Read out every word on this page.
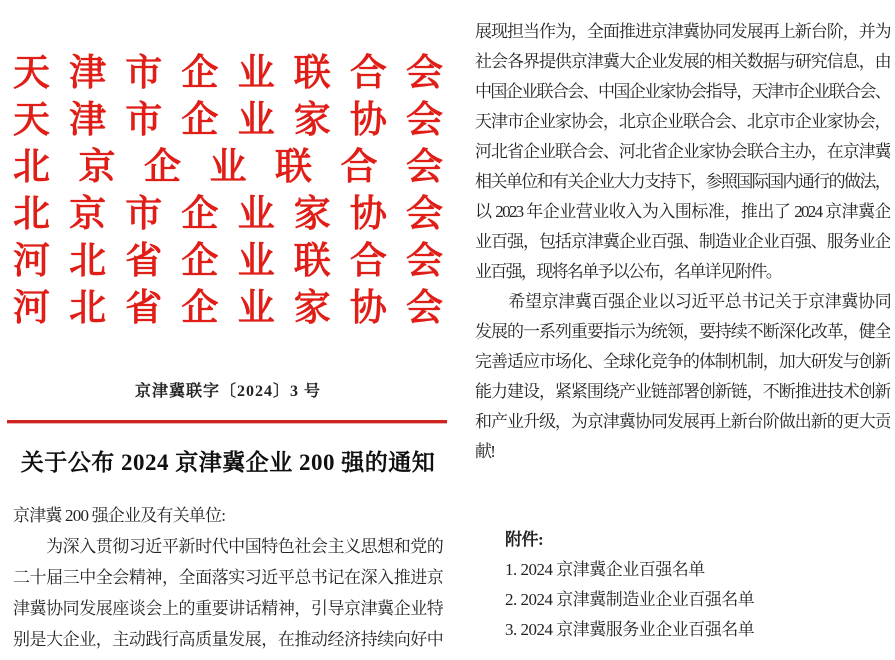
天 津 市 企 业 联 合 会
天 津 市 企 业 家 协 会
北 京 企 业 联 合 会
北 京 市 企 业 家 协 会
河 北 省 企 业 联 合 会
河 北 省 企 业 家 协 会
京津冀联字〔2024〕3 号
关于公布 2024 京津冀企业 200 强的通知
京津冀 200 强企业及有关单位:
　　为深入贯彻习近平新时代中国特色社会主义思想和党的
二十届三中全会精神，全面落实习近平总书记在深入推进京
津冀协同发展座谈会上的重要讲话精神，引导京津冀企业特
别是大企业，主动践行高质量发展，在推动经济持续向好中
展现担当作为，全面推进京津冀协同发展再上新台阶，并为
社会各界提供京津冀大企业发展的相关数据与研究信息，由
中国企业联合会、中国企业家协会指导，天津市企业联合会、
天津市企业家协会，北京企业联合会、北京市企业家协会，
河北省企业联合会、河北省企业家协会联合主办，在京津冀
相关单位和有关企业大力支持下，参照国际国内通行的做法，
以 2023 年企业营业收入为入围标准，推出了 2024 京津冀企
业百强，包括京津冀企业百强、制造业企业百强、服务业企
业百强，现将名单予以公布，名单详见附件。
　　希望京津冀百强企业以习近平总书记关于京津冀协同
发展的一系列重要指示为统领，要持续不断深化改革，健全
完善适应市场化、全球化竞争的体制机制，加大研发与创新
能力建设，紧紧围绕产业链部署创新链，不断推进技术创新
和产业升级，为京津冀协同发展再上新台阶做出新的更大贡
献!
附件:
1. 2024 京津冀企业百强名单
2. 2024 京津冀制造业企业百强名单
3. 2024 京津冀服务业企业百强名单
